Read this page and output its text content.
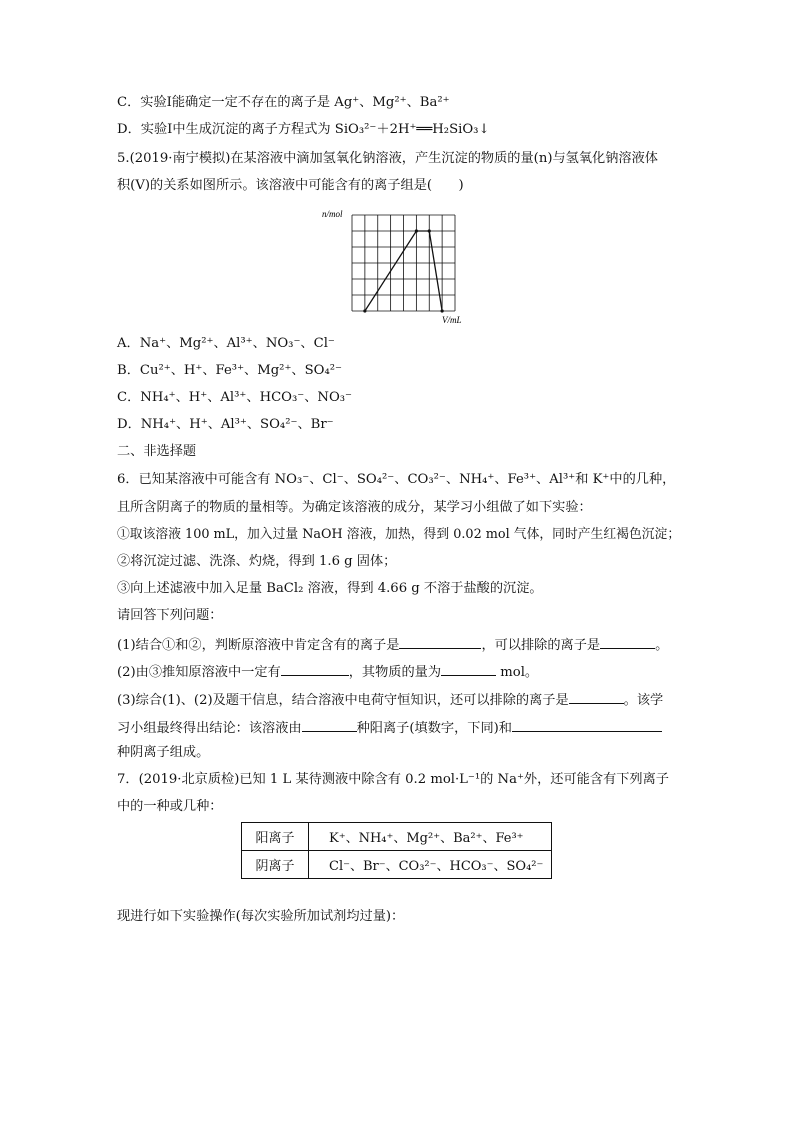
C．实验Ⅰ能确定一定不存在的离子是 Ag⁺、Mg²⁺、Ba²⁺
D．实验Ⅰ中生成沉淀的离子方程式为 SiO₃²⁻＋2H⁺══H₂SiO₃↓
5.(2019·南宁模拟)在某溶液中滴加氢氧化钠溶液，产生沉淀的物质的量(n)与氢氧化钠溶液体
积(V)的关系如图所示。该溶液中可能含有的离子组是(　　)
n/mol
V/mL
A．Na⁺、Mg²⁺、Al³⁺、NO₃⁻、Cl⁻
B．Cu²⁺、H⁺、Fe³⁺、Mg²⁺、SO₄²⁻
C．NH₄⁺、H⁺、Al³⁺、HCO₃⁻、NO₃⁻
D．NH₄⁺、H⁺、Al³⁺、SO₄²⁻、Br⁻
二、非选择题
6．已知某溶液中可能含有 NO₃⁻、Cl⁻、SO₄²⁻、CO₃²⁻、NH₄⁺、Fe³⁺、Al³⁺和 K⁺中的几种，
且所含阴离子的物质的量相等。为确定该溶液的成分，某学习小组做了如下实验：
①取该溶液 100 mL，加入过量 NaOH 溶液，加热，得到 0.02 mol 气体，同时产生红褐色沉淀；
②将沉淀过滤、洗涤、灼烧，得到 1.6 g 固体；
③向上述滤液中加入足量 BaCl₂ 溶液，得到 4.66 g 不溶于盐酸的沉淀。
请回答下列问题：
(1)结合①和②，判断原溶液中肯定含有的离子是	，可以排除的离子是	。
(2)由③推知原溶液中一定有	，其物质的量为	mol。
(3)综合(1)、(2)及题干信息，结合溶液中电荷守恒知识，还可以排除的离子是	。该学
习小组最终得出结论：该溶液由	种阳离子(填数字，下同)和
种阴离子组成。
7．(2019·北京质检)已知 1 L 某待测液中除含有 0.2 mol·L⁻¹的 Na⁺外，还可能含有下列离子
中的一种或几种：
阳离子	K⁺、NH₄⁺、Mg²⁺、Ba²⁺、Fe³⁺
阴离子	Cl⁻、Br⁻、CO₃²⁻、HCO₃⁻、SO₄²⁻
现进行如下实验操作(每次实验所加试剂均过量)：
